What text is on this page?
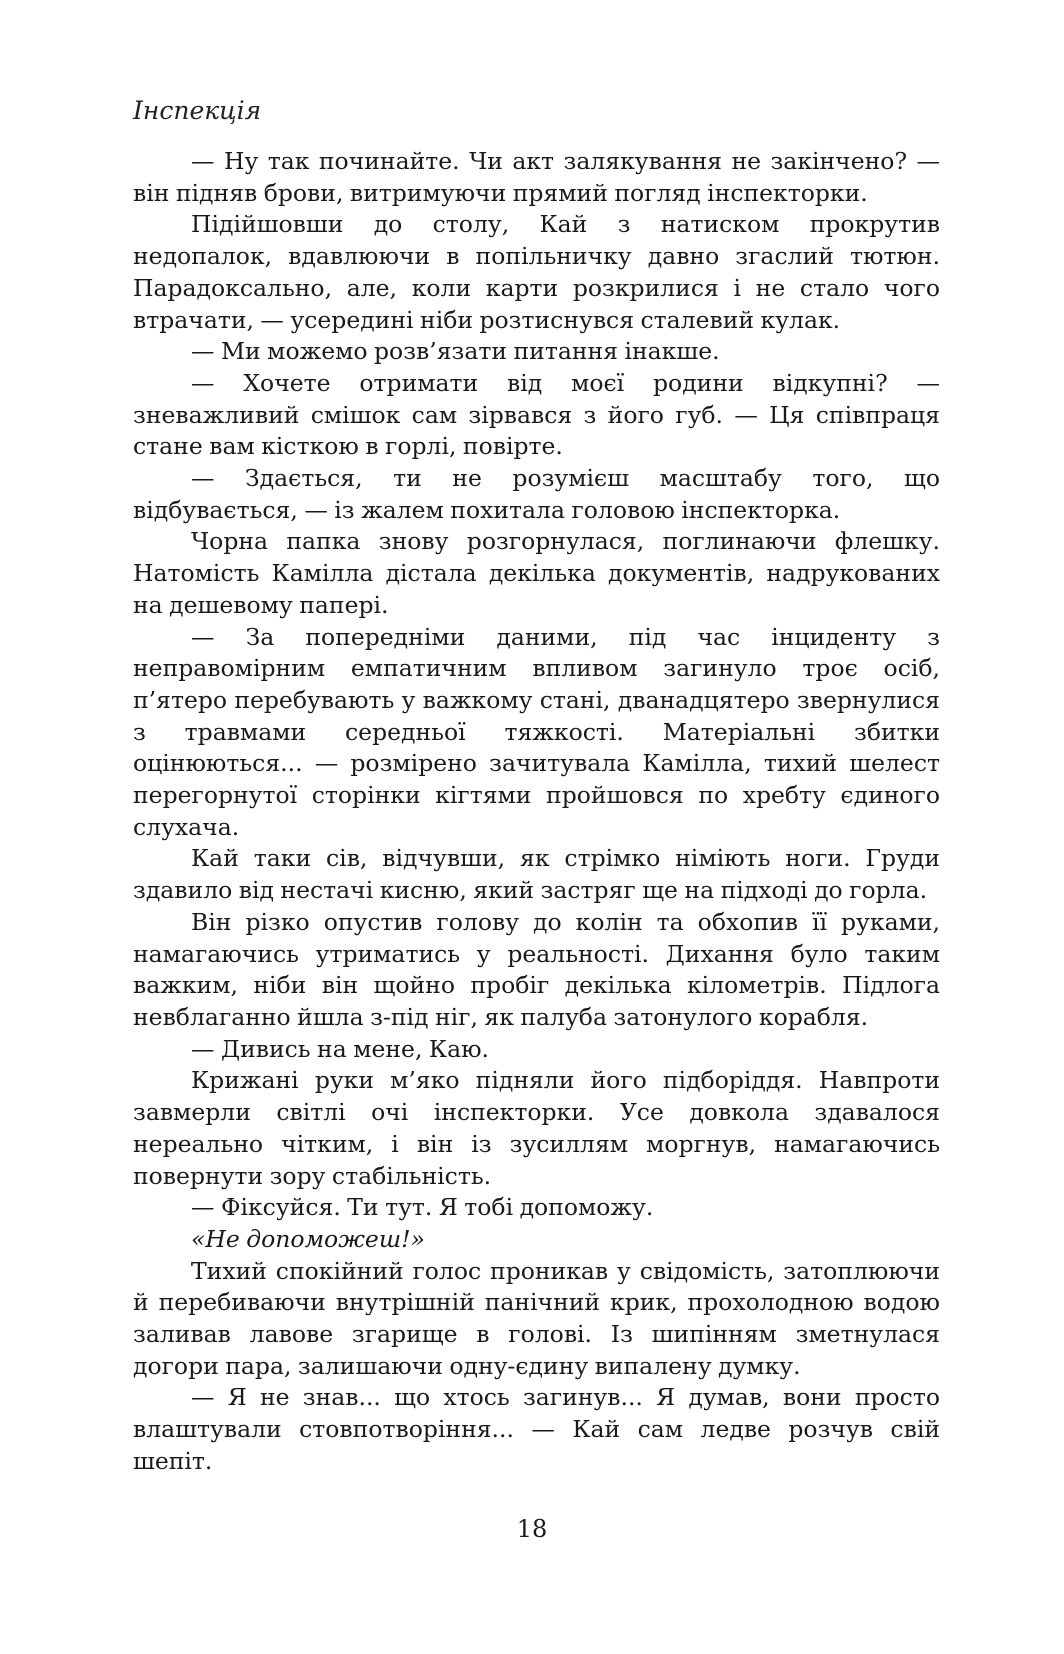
Інспекція

— Ну так починайте. Чи акт залякування не закінчено? — він підняв брови, витримуючи прямий погляд інспекторки.

Підійшовши до столу, Кай з натиском прокрутив недопалок, вдавлюючи в попільничку давно згаслий тютюн. Парадоксально, але, коли карти розкрилися і не стало чого втрачати, — усередині ніби розтиснувся сталевий кулак.

— Ми можемо розв’язати питання інакше.

— Хочете отримати від моєї родини відкупні? — зневажливий смішок сам зірвався з його губ. — Ця співпраця стане вам кісткою в горлі, повірте.

— Здається, ти не розумієш масштабу того, що відбувається, — із жалем похитала головою інспекторка.

Чорна папка знову розгорнулася, поглинаючи флешку. Натомість Камілла дістала декілька документів, надрукованих на дешевому папері.

— За попередніми даними, під час інциденту з неправомірним емпатичним впливом загинуло троє осіб, п’ятеро перебувають у важкому стані, дванадцятеро звернулися з травмами середньої тяжкості. Матеріальні збитки оцінюються... — розмірено зачитувала Камілла, тихий шелест перегорнутої сторінки кігтями пройшовся по хребту єдиного слухача.

Кай таки сів, відчувши, як стрімко німіють ноги. Груди здавило від нестачі кисню, який застряг ще на підході до горла.

Він різко опустив голову до колін та обхопив її руками, намагаючись утриматись у реальності. Дихання було таким важким, ніби він щойно пробіг декілька кілометрів. Підлога невблаганно йшла з-під ніг, як палуба затонулого корабля.

— Дивись на мене, Каю.

Крижані руки м’яко підняли його підборіддя. Навпроти завмерли світлі очі інспекторки. Усе довкола здавалося нереально чітким, і він із зусиллям моргнув, намагаючись повернути зору стабільність.

— Фіксуйся. Ти тут. Я тобі допоможу.

«Не допоможеш!»

Тихий спокійний голос проникав у свідомість, затоплюючи й перебиваючи внутрішній панічний крик, прохолодною водою заливав лавове згарище в голові. Із шипінням зметнулася догори пара, залишаючи одну-єдину випалену думку.

— Я не знав... що хтось загинув... Я думав, вони просто влаштували стовпотворіння... — Кай сам ледве розчув свій шепіт.

18
